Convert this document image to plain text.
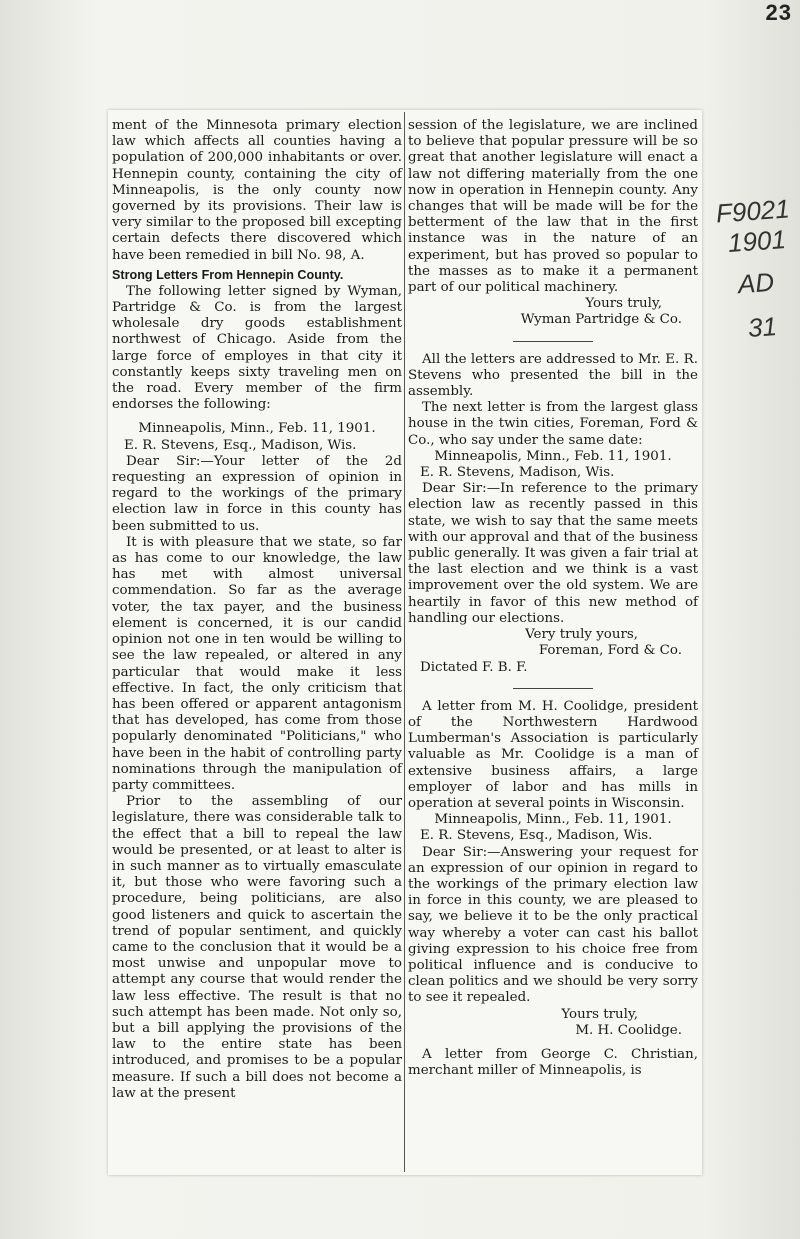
23
F9021
1901
AD
31

ment of the Minnesota primary election law which affects all counties having a population of 200,000 inhabitants or over. Hennepin county, containing the city of Minneapolis, is the only county now governed by its provisions. Their law is very similar to the proposed bill excepting certain defects there discovered which have been remedied in bill No. 98, A.

Strong Letters From Hennepin County.

The following letter signed by Wyman, Partridge & Co. is from the largest wholesale dry goods establishment northwest of Chicago. Aside from the large force of employes in that city it constantly keeps sixty traveling men on the road. Every member of the firm endorses the following:

Minneapolis, Minn., Feb. 11, 1901.

E. R. Stevens, Esq., Madison, Wis.

Dear Sir:—Your letter of the 2d requesting an expression of opinion in regard to the workings of the primary election law in force in this county has been submitted to us.

It is with pleasure that we state, so far as has come to our knowledge, the law has met with almost universal commendation. So far as the average voter, the tax payer, and the business element is concerned, it is our candid opinion not one in ten would be willing to see the law repealed, or altered in any particular that would make it less effective. In fact, the only criticism that has been offered or apparent antagonism that has developed, has come from those popularly denominated "Politicians," who have been in the habit of controlling party nominations through the manipulation of party committees.

Prior to the assembling of our legislature, there was considerable talk to the effect that a bill to repeal the law would be presented, or at least to alter is in such manner as to virtually emasculate it, but those who were favoring such a procedure, being politicians, are also good listeners and quick to ascertain the trend of popular sentiment, and quickly came to the conclusion that it would be a most unwise and unpopular move to attempt any course that would render the law less effective. The result is that no such attempt has been made. Not only so, but a bill applying the provisions of the law to the entire state has been introduced, and promises to be a popular measure. If such a bill does not become a law at the present

session of the legislature, we are inclined to believe that popular pressure will be so great that another legislature will enact a law not differing materially from the one now in operation in Hennepin county. Any changes that will be made will be for the betterment of the law that in the first instance was in the nature of an experiment, but has proved so popular to the masses as to make it a permanent part of our political machinery.

Yours truly,

Wyman Partridge & Co.

All the letters are addressed to Mr. E. R. Stevens who presented the bill in the assembly.

The next letter is from the largest glass house in the twin cities, Foreman, Ford & Co., who say under the same date:

Minneapolis, Minn., Feb. 11, 1901.

E. R. Stevens, Madison, Wis.

Dear Sir:—In reference to the primary election law as recently passed in this state, we wish to say that the same meets with our approval and that of the business public generally. It was given a fair trial at the last election and we think is a vast improvement over the old system. We are heartily in favor of this new method of handling our elections.

Very truly yours,

Foreman, Ford & Co.

Dictated F. B. F.

A letter from M. H. Coolidge, president of the Northwestern Hardwood Lumberman's Association is particularly valuable as Mr. Coolidge is a man of extensive business affairs, a large employer of labor and has mills in operation at several points in Wisconsin.

Minneapolis, Minn., Feb. 11, 1901.

E. R. Stevens, Esq., Madison, Wis.

Dear Sir:—Answering your request for an expression of our opinion in regard to the workings of the primary election law in force in this county, we are pleased to say, we believe it to be the only practical way whereby a voter can cast his ballot giving expression to his choice free from political influence and is conducive to clean politics and we should be very sorry to see it repealed.

Yours truly,

M. H. Coolidge.

A letter from George C. Christian, merchant miller of Minneapolis, is
